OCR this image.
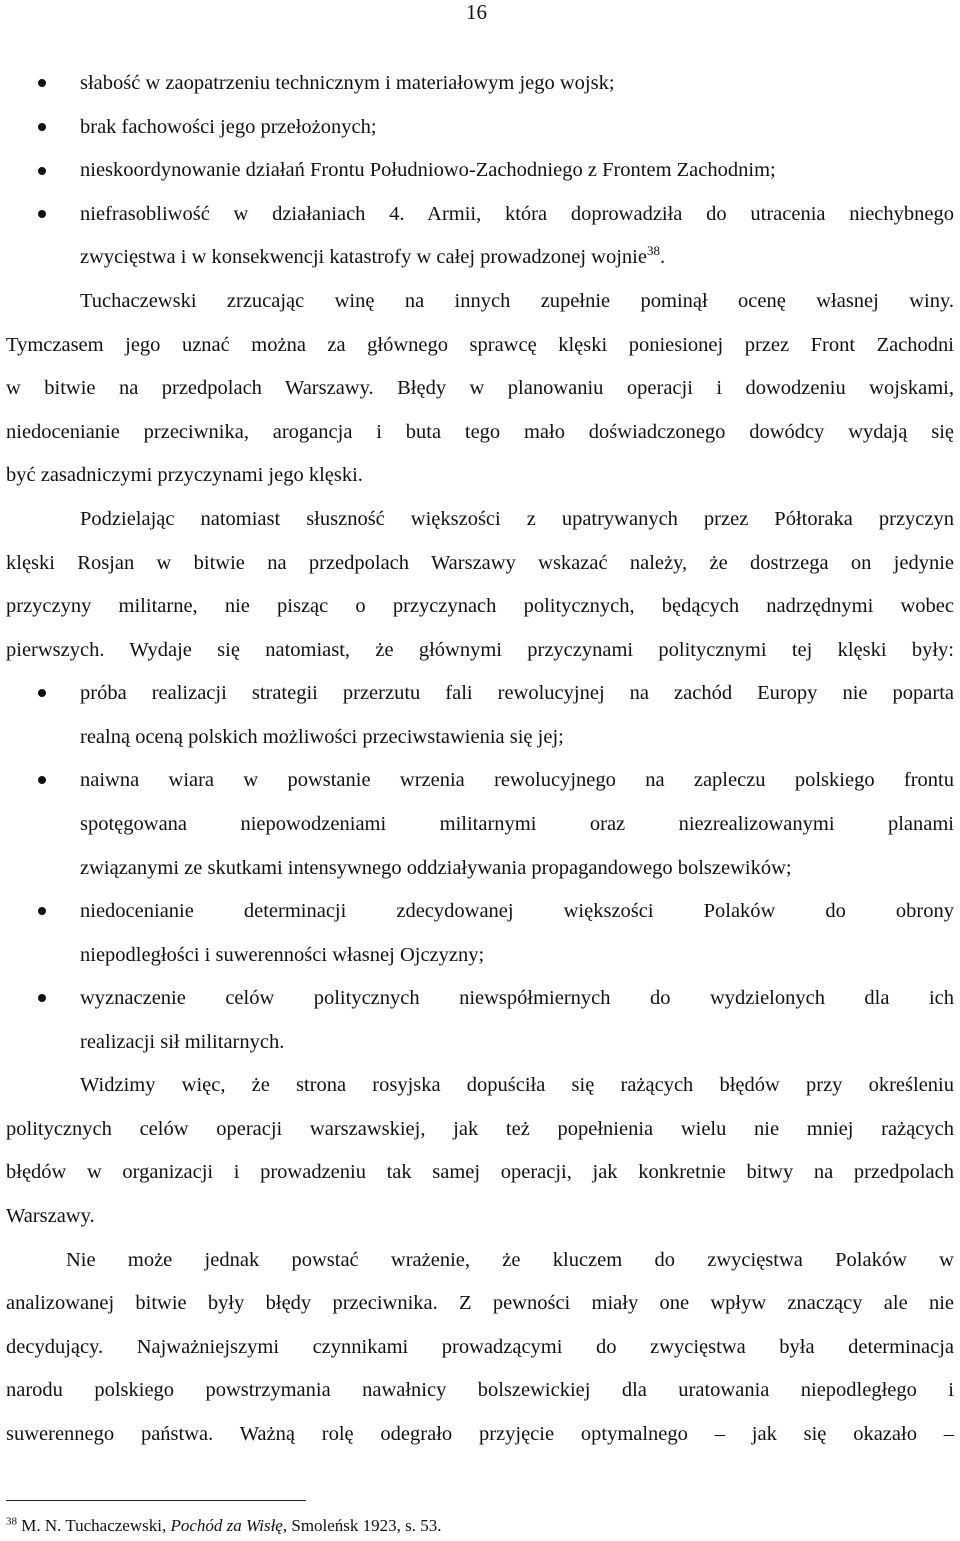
16
słabość w zaopatrzeniu technicznym i materiałowym jego wojsk;
brak fachowości jego przełożonych;
nieskoordynowanie działań Frontu Południowo-Zachodniego z Frontem Zachodnim;
niefrasobliwość w działaniach 4. Armii, która doprowadziła do utracenia niechybnego
zwycięstwa i w konsekwencji katastrofy w całej prowadzonej wojnie$^{38}$.
Tuchaczewski zrzucając winę na innych zupełnie pominął ocenę własnej winy.
Tymczasem jego uznać można za głównego sprawcę klęski poniesionej przez Front Zachodni
w bitwie na przedpolach Warszawy. Błędy w planowaniu operacji i dowodzeniu wojskami,
niedocenianie przeciwnika, arogancja i buta tego mało doświadczonego dowódcy wydają się
być zasadniczymi przyczynami jego klęski.
Podzielając natomiast słuszność większości z upatrywanych przez Półtoraka przyczyn
klęski Rosjan w bitwie na przedpolach Warszawy wskazać należy, że dostrzega on jedynie
przyczyny militarne, nie pisząc o przyczynach politycznych, będących nadrzędnymi wobec
pierwszych. Wydaje się natomiast, że głównymi przyczynami politycznymi tej klęski były:
próba realizacji strategii przerzutu fali rewolucyjnej na zachód Europy nie poparta
realną oceną polskich możliwości przeciwstawienia się jej;
naiwna wiara w powstanie wrzenia rewolucyjnego na zapleczu polskiego frontu
spotęgowana niepowodzeniami militarnymi oraz niezrealizowanymi planami
związanymi ze skutkami intensywnego oddziaływania propagandowego bolszewików;
niedocenianie determinacji zdecydowanej większości Polaków do obrony
niepodległości i suwerenności własnej Ojczyzny;
wyznaczenie celów politycznych niewspółmiernych do wydzielonych dla ich
realizacji sił militarnych.
Widzimy więc, że strona rosyjska dopuściła się rażących błędów przy określeniu
politycznych celów operacji warszawskiej, jak też popełnienia wielu nie mniej rażących
błędów w organizacji i prowadzeniu tak samej operacji, jak konkretnie bitwy na przedpolach
Warszawy.
Nie może jednak powstać wrażenie, że kluczem do zwycięstwa Polaków w
analizowanej bitwie były błędy przeciwnika. Z pewności miały one wpływ znaczący ale nie
decydujący. Najważniejszymi czynnikami prowadzącymi do zwycięstwa była determinacja
narodu polskiego powstrzymania nawałnicy bolszewickiej dla uratowania niepodległego i
suwerennego państwa. Ważną rolę odegrało przyjęcie optymalnego – jak się okazało –
$^{38}$ M. N. Tuchaczewski, Pochód za Wisłę, Smoleńsk 1923, s. 53.
